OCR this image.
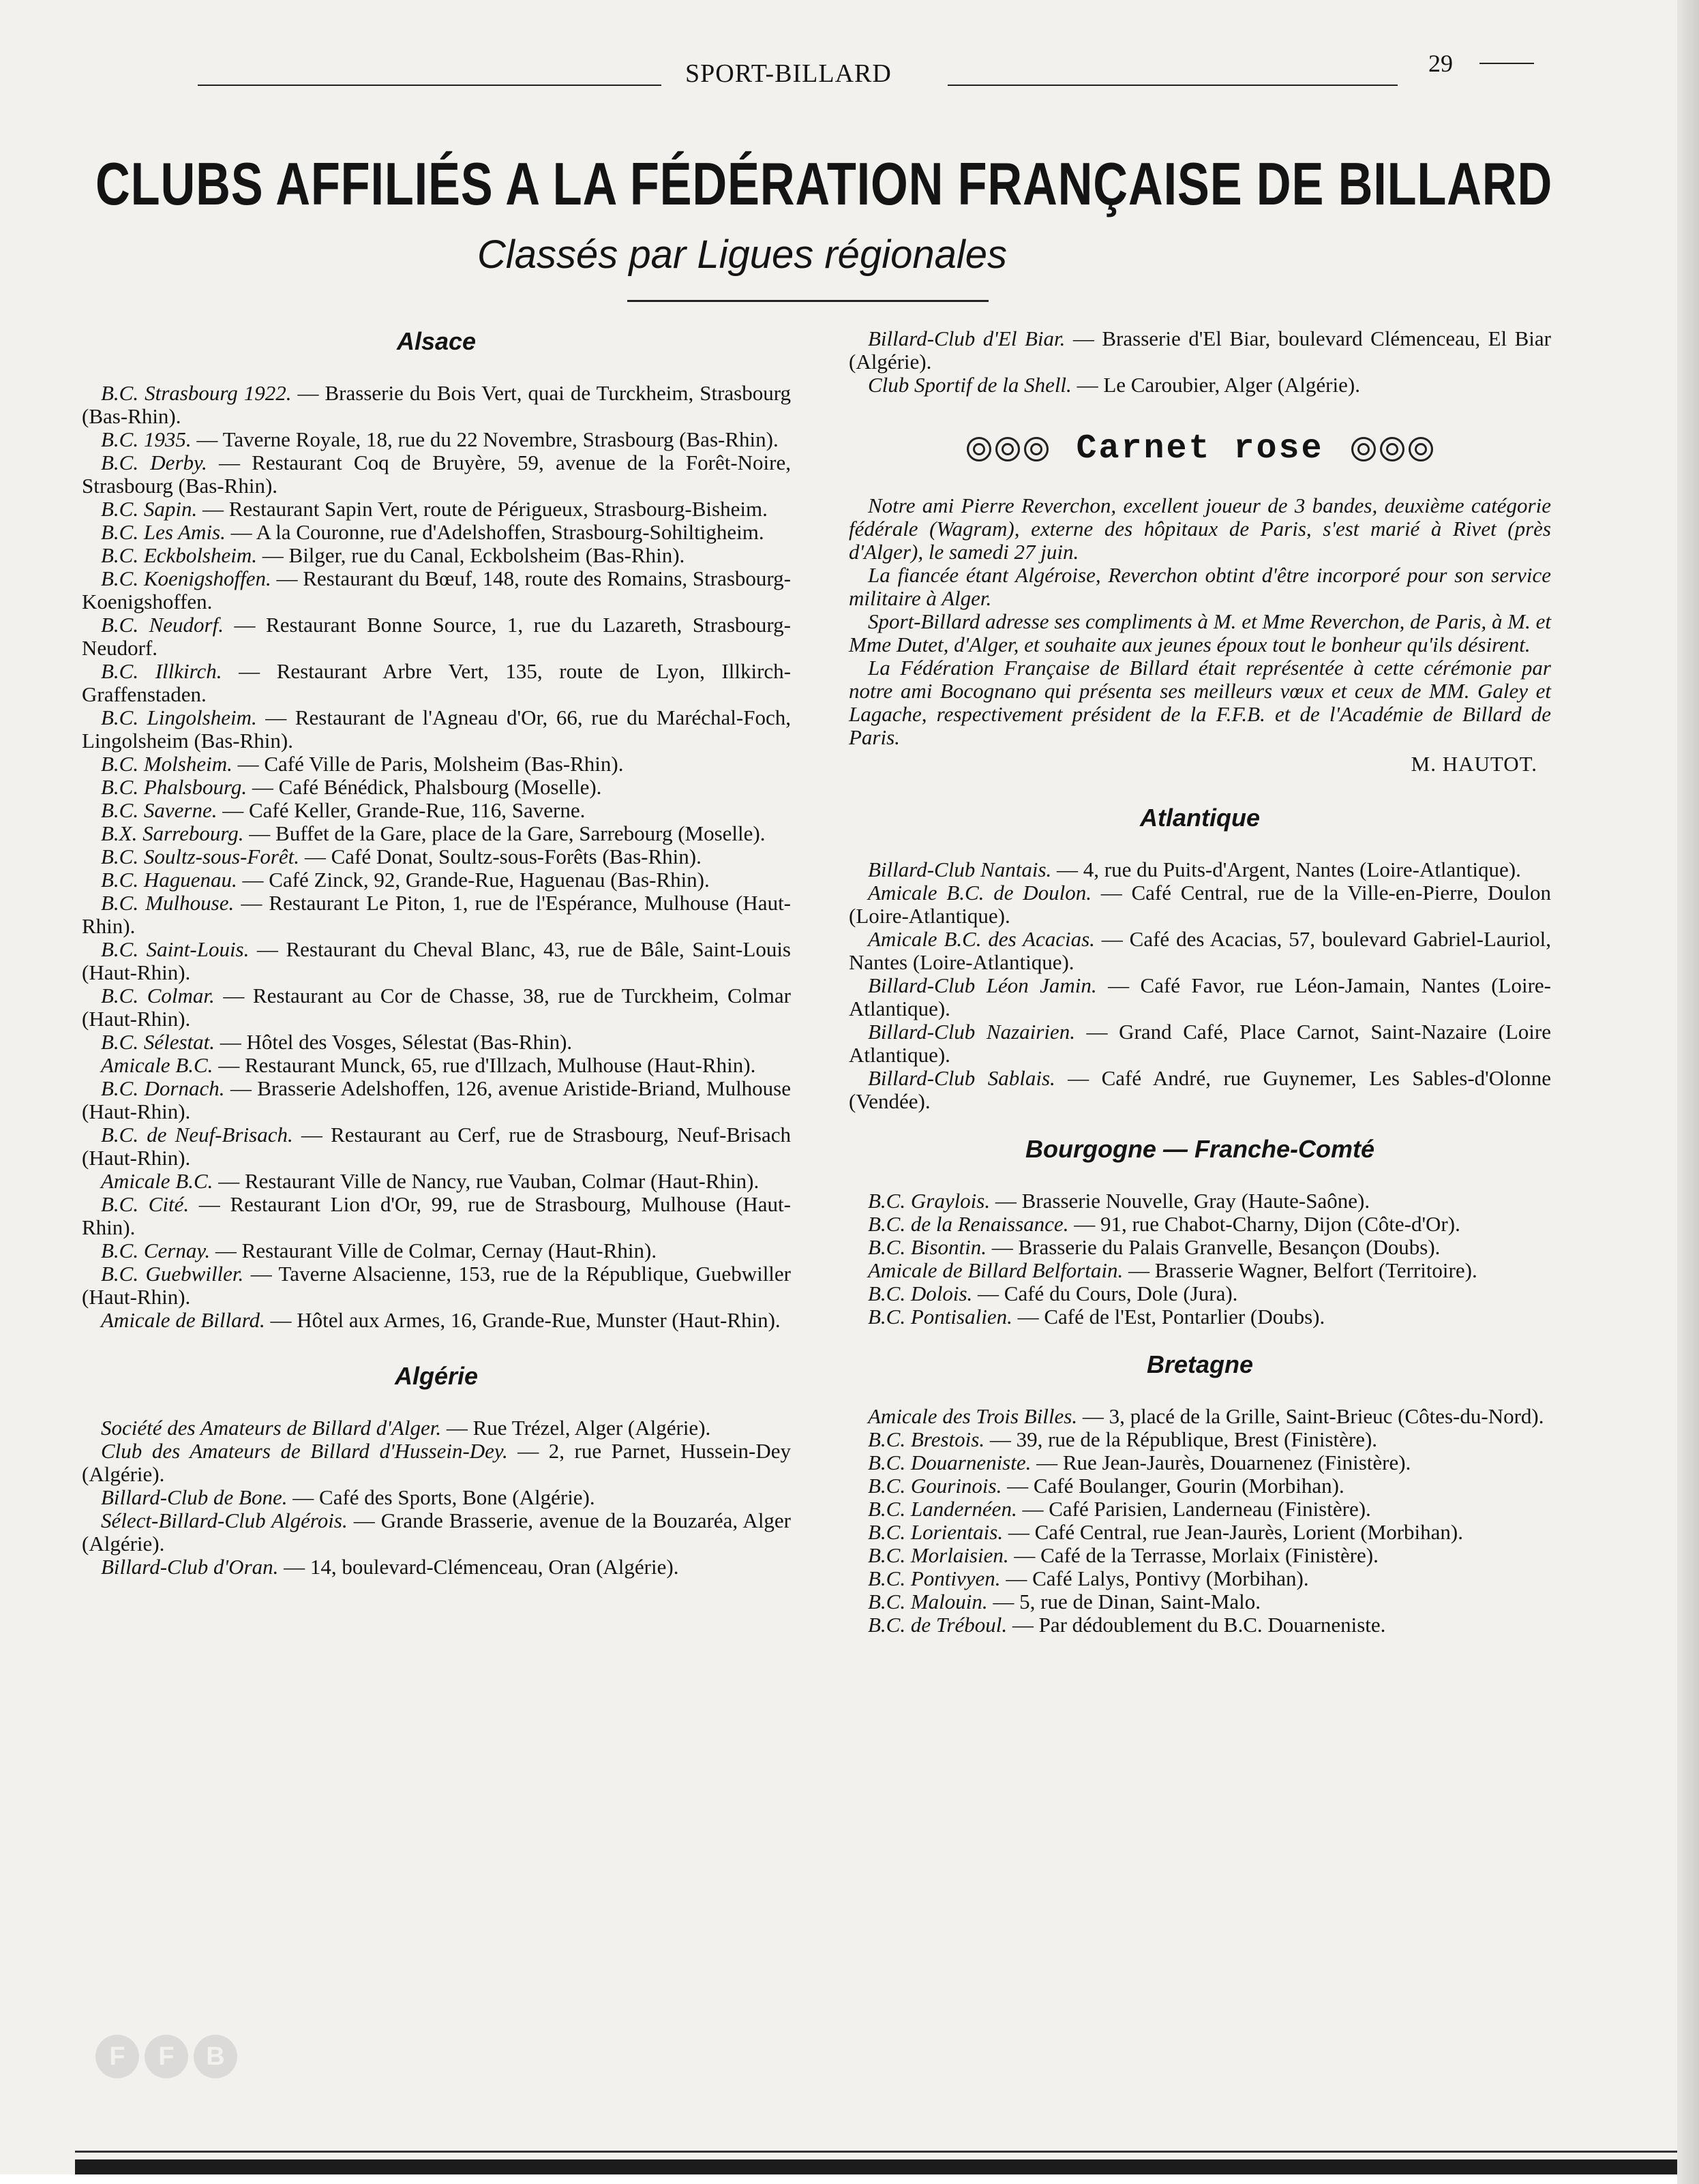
SPORT-BILLARD	29
CLUBS AFFILIÉS A LA FÉDÉRATION FRANÇAISE DE BILLARD
Classés par Ligues régionales
Alsace

B.C. Strasbourg 1922. — Brasserie du Bois Vert, quai de Turckheim, Strasbourg (Bas-Rhin).

B.C. 1935. — Taverne Royale, 18, rue du 22 Novembre, Strasbourg (Bas-Rhin).

B.C. Derby. — Restaurant Coq de Bruyère, 59, avenue de la Forêt-Noire, Strasbourg (Bas-Rhin).

B.C. Sapin. — Restaurant Sapin Vert, route de Périgueux, Strasbourg-Bisheim.

B.C. Les Amis. — A la Couronne, rue d'Adelshoffen, Strasbourg-Sohiltigheim.

B.C. Eckbolsheim. — Bilger, rue du Canal, Eckbolsheim (Bas-Rhin).

B.C. Koenigshoffen. — Restaurant du Bœuf, 148, route des Romains, Strasbourg-Koenigshoffen.

B.C. Neudorf. — Restaurant Bonne Source, 1, rue du Lazareth, Strasbourg-Neudorf.

B.C. Illkirch. — Restaurant Arbre Vert, 135, route de Lyon, Illkirch-Graffenstaden.

B.C. Lingolsheim. — Restaurant de l'Agneau d'Or, 66, rue du Maréchal-Foch, Lingolsheim (Bas-Rhin).

B.C. Molsheim. — Café Ville de Paris, Molsheim (Bas-Rhin).

B.C. Phalsbourg. — Café Bénédick, Phalsbourg (Moselle).

B.C. Saverne. — Café Keller, Grande-Rue, 116, Saverne.

B.X. Sarrebourg. — Buffet de la Gare, place de la Gare, Sarrebourg (Moselle).

B.C. Soultz-sous-Forêt. — Café Donat, Soultz-sous-Forêts (Bas-Rhin).

B.C. Haguenau. — Café Zinck, 92, Grande-Rue, Haguenau (Bas-Rhin).

B.C. Mulhouse. — Restaurant Le Piton, 1, rue de l'Espérance, Mulhouse (Haut-Rhin).

B.C. Saint-Louis. — Restaurant du Cheval Blanc, 43, rue de Bâle, Saint-Louis (Haut-Rhin).

B.C. Colmar. — Restaurant au Cor de Chasse, 38, rue de Turckheim, Colmar (Haut-Rhin).

B.C. Sélestat. — Hôtel des Vosges, Sélestat (Bas-Rhin).

Amicale B.C. — Restaurant Munck, 65, rue d'Illzach, Mulhouse (Haut-Rhin).

B.C. Dornach. — Brasserie Adelshoffen, 126, avenue Aristide-Briand, Mulhouse (Haut-Rhin).

B.C. de Neuf-Brisach. — Restaurant au Cerf, rue de Strasbourg, Neuf-Brisach (Haut-Rhin).

Amicale B.C. — Restaurant Ville de Nancy, rue Vauban, Colmar (Haut-Rhin).

B.C. Cité. — Restaurant Lion d'Or, 99, rue de Strasbourg, Mulhouse (Haut-Rhin).

B.C. Cernay. — Restaurant Ville de Colmar, Cernay (Haut-Rhin).

B.C. Guebwiller. — Taverne Alsacienne, 153, rue de la République, Guebwiller (Haut-Rhin).

Amicale de Billard. — Hôtel aux Armes, 16, Grande-Rue, Munster (Haut-Rhin).

Algérie

Société des Amateurs de Billard d'Alger. — Rue Trézel, Alger (Algérie).

Club des Amateurs de Billard d'Hussein-Dey. — 2, rue Parnet, Hussein-Dey (Algérie).

Billard-Club de Bone. — Café des Sports, Bone (Algérie).

Sélect-Billard-Club Algérois. — Grande Brasserie, avenue de la Bouzaréa, Alger (Algérie).

Billard-Club d'Oran. — 14, boulevard-Clémenceau, Oran (Algérie).

Billard-Club d'El Biar. — Brasserie d'El Biar, boulevard Clémenceau, El Biar (Algérie).

Club Sportif de la Shell. — Le Caroubier, Alger (Algérie).

Carnet rose

Notre ami Pierre Reverchon, excellent joueur de 3 bandes, deuxième catégorie fédérale (Wagram), externe des hôpitaux de Paris, s'est marié à Rivet (près d'Alger), le samedi 27 juin.

La fiancée étant Algéroise, Reverchon obtint d'être incorporé pour son service militaire à Alger.

Sport-Billard adresse ses compliments à M. et Mme Reverchon, de Paris, à M. et Mme Dutet, d'Alger, et souhaite aux jeunes époux tout le bonheur qu'ils désirent.

La Fédération Française de Billard était représentée à cette cérémonie par notre ami Bocognano qui présenta ses meilleurs vœux et ceux de MM. Galey et Lagache, respectivement président de la F.F.B. et de l'Académie de Billard de Paris.

M. HAUTOT.
Atlantique

Billard-Club Nantais. — 4, rue du Puits-d'Argent, Nantes (Loire-Atlantique).

Amicale B.C. de Doulon. — Café Central, rue de la Ville-en-Pierre, Doulon (Loire-Atlantique).

Amicale B.C. des Acacias. — Café des Acacias, 57, boulevard Gabriel-Lauriol, Nantes (Loire-Atlantique).

Billard-Club Léon Jamin. — Café Favor, rue Léon-Jamain, Nantes (Loire-Atlantique).

Billard-Club Nazairien. — Grand Café, Place Carnot, Saint-Nazaire (Loire Atlantique).

Billard-Club Sablais. — Café André, rue Guynemer, Les Sables-d'Olonne (Vendée).

Bourgogne — Franche-Comté

B.C. Graylois. — Brasserie Nouvelle, Gray (Haute-Saône).

B.C. de la Renaissance. — 91, rue Chabot-Charny, Dijon (Côte-d'Or).

B.C. Bisontin. — Brasserie du Palais Granvelle, Besançon (Doubs).

Amicale de Billard Belfortain. — Brasserie Wagner, Belfort (Territoire).

B.C. Dolois. — Café du Cours, Dole (Jura).

B.C. Pontisalien. — Café de l'Est, Pontarlier (Doubs).

Bretagne

Amicale des Trois Billes. — 3, placé de la Grille, Saint-Brieuc (Côtes-du-Nord).

B.C. Brestois. — 39, rue de la République, Brest (Finistère).

B.C. Douarneniste. — Rue Jean-Jaurès, Douarnenez (Finistère).

B.C. Gourinois. — Café Boulanger, Gourin (Morbihan).

B.C. Landernéen. — Café Parisien, Landerneau (Finistère).

B.C. Lorientais. — Café Central, rue Jean-Jaurès, Lorient (Morbihan).

B.C. Morlaisien. — Café de la Terrasse, Morlaix (Finistère).

B.C. Pontivyen. — Café Lalys, Pontivy (Morbihan).

B.C. Malouin. — 5, rue de Dinan, Saint-Malo.

B.C. de Tréboul. — Par dédoublement du B.C. Douarneniste.

F	F	B
